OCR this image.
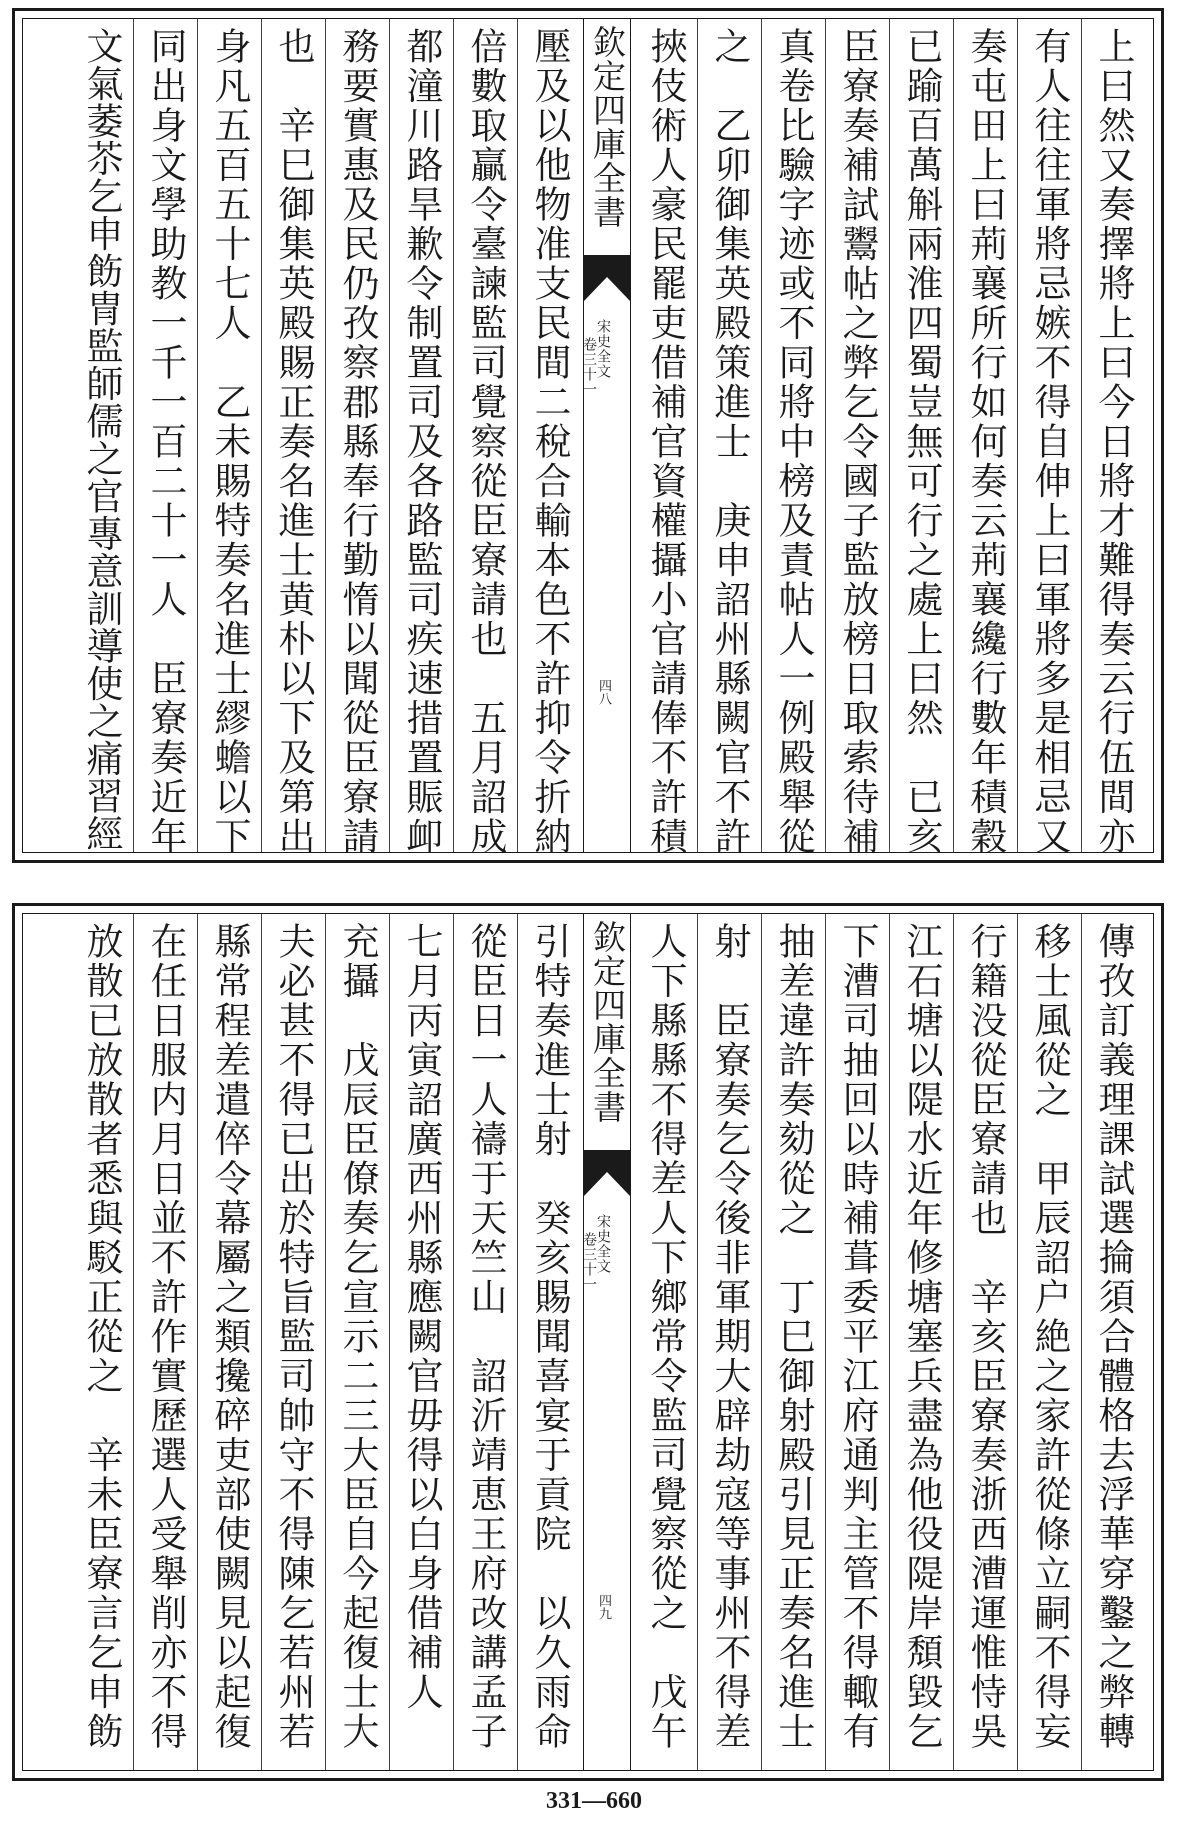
上曰然又奏擇將上曰今日將才難得奏云行伍間亦
有人往往軍將忌嫉不得自伸上曰軍將多是相忌又
奏屯田上曰荊襄所行如何奏云荊襄纔行數年積穀
已踰百萬斛兩淮四蜀豈無可行之處上曰然　已亥
臣寮奏補試鬻帖之弊乞令國子監放榜日取索待補
真卷比驗字迹或不同將中榜及責帖人一例殿舉從
之　乙卯御集英殿策進士　庚申詔州縣闕官不許
挾伎術人豪民罷吏借補官資權攝小官請俸不許積
欽定四庫全書
宋史全文
卷三十一
四八
壓及以他物准支民間二稅合輸本色不許抑令折納
倍數取贏令臺諫監司覺察從臣寮請也　五月詔成
都潼川路旱歉令制置司及各路監司疾速措置賑卹
務要實惠及民仍孜察郡縣奉行勤惰以聞從臣寮請
也　辛巳御集英殿賜正奏名進士黄朴以下及第出
身凡五百五十七人　乙未賜特奏名進士繆蟾以下
同出身文學助教一千一百二十一人　臣寮奏近年
文氣萎苶乞申飭冑監師儒之官專意訓導使之痛習經
傳孜訂義理課試選掄須合體格去浮華穿鑿之弊轉
移士風從之　甲辰詔户絶之家許從條立嗣不得妄
行籍没從臣寮請也　辛亥臣寮奏浙西漕運惟恃吳
江石塘以隄水近年修塘塞兵盡為他役隄岸頽毀乞
下漕司抽回以時補葺委平江府通判主管不得輙有
抽差違許奏劾從之　丁巳御射殿引見正奏名進士
射　臣寮奏乞令後非軍期大辟劫寇等事州不得差
人下縣縣不得差人下鄉常令監司覺察從之　戊午
欽定四庫全書
宋史全文
卷三十一
四九
引特奏進士射　癸亥賜聞喜宴于貢院　以久雨命
從臣日一人禱于天竺山　詔沂靖恵王府改講孟子
七月丙寅詔廣西州縣應闕官毋得以白身借補人
充攝　戊辰臣僚奏乞宣示二三大臣自今起復士大
夫必甚不得已出於特旨監司帥守不得陳乞若州若
縣常程差遣倅令幕屬之類攙碎吏部使闕見以起復
在任日服内月日並不許作實歷選人受舉削亦不得
放散已放散者悉與駁正從之　辛未臣寮言乞申飭
331—660
